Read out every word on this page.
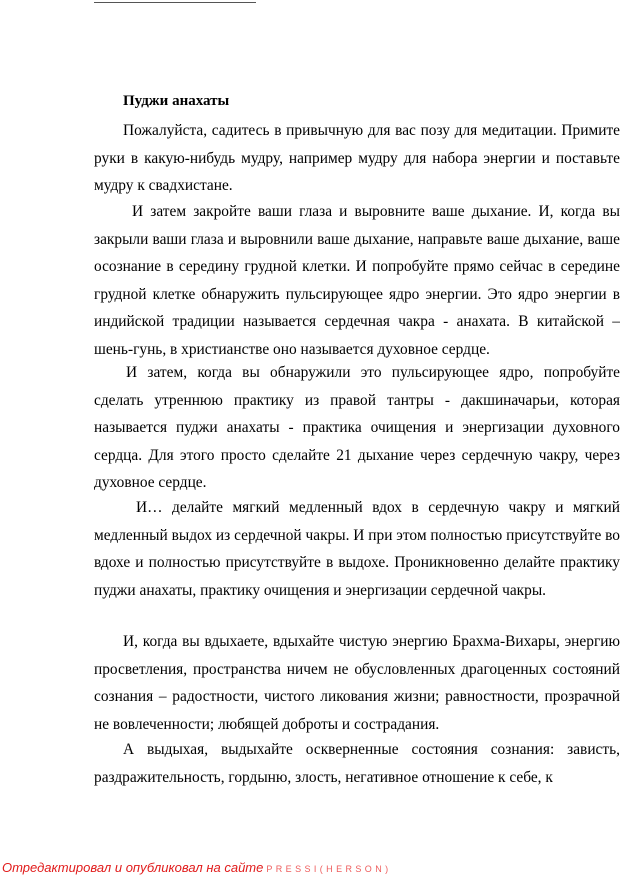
Пуджи анахаты

Пожалуйста, садитесь в привычную для вас позу для медитации. Примите руки в какую-нибудь мудру, например мудру для набора энергии и поставьте мудру к свадхистане.

И затем закройте ваши глаза и выровните ваше дыхание. И, когда вы закрыли ваши глаза и выровнили ваше дыхание, направьте ваше дыхание, ваше осознание в середину грудной клетки. И попробуйте прямо сейчас в середине грудной клетке обнаружить пульсирующее ядро энергии. Это ядро энергии в индийской традиции называется сердечная чакра - анахата. В китайской – шень-гунь, в христианстве оно называется духовное сердце.

И затем, когда вы обнаружили это пульсирующее ядро, попробуйте сделать утреннюю практику из правой тантры - дакшиначарьи, которая называется пуджи анахаты - практика очищения и энергизации духовного сердца. Для этого просто сделайте 21 дыхание через сердечную чакру, через духовное сердце.

И… делайте мягкий медленный вдох в сердечную чакру и мягкий медленный выдох из сердечной чакры. И при этом полностью присутствуйте во вдохе и полностью присутствуйте в выдохе. Проникновенно делайте практику пуджи анахаты, практику очищения и энергизации сердечной чакры.

И, когда вы вдыхаете, вдыхайте чистую энергию Брахма-Вихары, энергию просветления, пространства ничем не обусловленных драгоценных состояний сознания – радостности, чистого ликования жизни; равностности, прозрачной не вовлеченности; любящей доброты и сострадания.

А выдыхая, выдыхайте оскверненные состояния сознания: зависть, раздражительность, гордыню, злость, негативное отношение к себе, к

Отредактировал и опубликовал на сайте PRESSI(HERSON)
